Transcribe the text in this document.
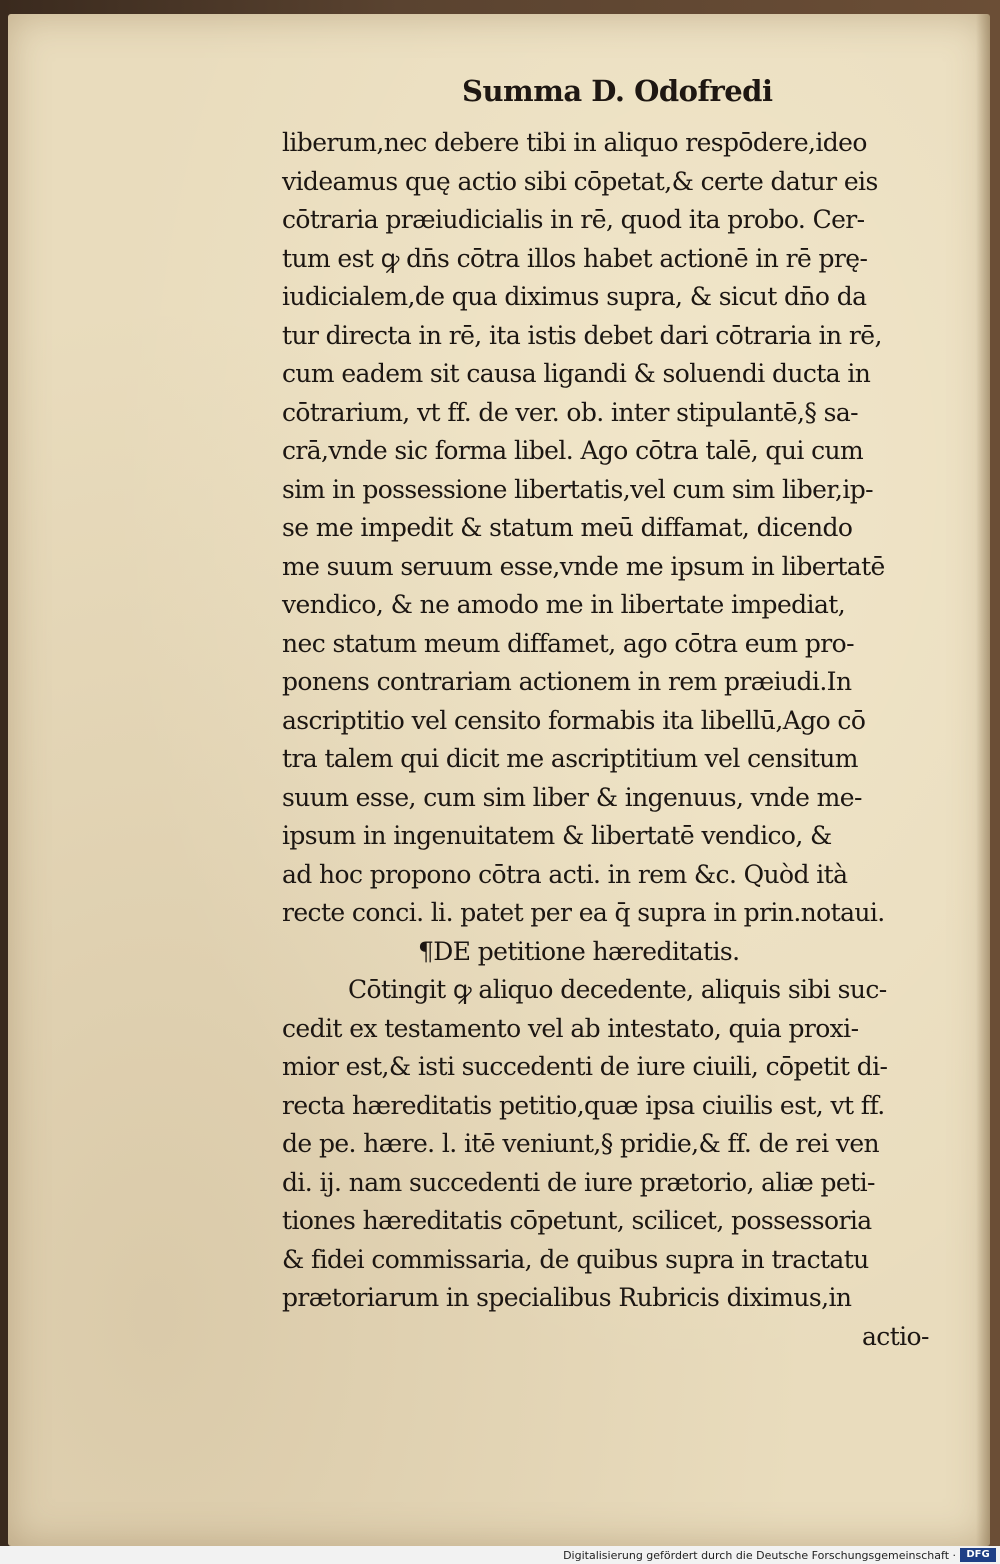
Summa D. Odofredi
liberum,nec debere tibi in aliquo respōdere,ideo
videamus quę actio sibi cōpetat,& certe datur eis
cōtraria præiudicialis in rē, quod ita probo. Cer-
tum est ꝙ dn̄s cōtra illos habet actionē in rē prę-
iudicialem,de qua diximus supra, & sicut dn̄o da
tur directa in rē, ita istis debet dari cōtraria in rē,
cum eadem sit causa ligandi & soluendi ducta in
cōtrarium, vt ff. de ver. ob. inter stipulantē,§ sa-
crā,vnde sic forma libel. Ago cōtra talē, qui cum
sim in possessione libertatis,vel cum sim liber,ip-
se me impedit & statum meū diffamat, dicendo
me suum seruum esse,vnde me ipsum in libertatē
vendico, & ne amodo me in libertate impediat,
nec statum meum diffamet, ago cōtra eum pro-
ponens contrariam actionem in rem præiudi.In
ascriptitio vel censito formabis ita libellū,Ago cō
tra talem qui dicit me ascriptitium vel censitum
suum esse, cum sim liber & ingenuus, vnde me-
ipsum in ingenuitatem & libertatē vendico, &
ad hoc propono cōtra acti. in rem &c. Quòd ità
recte conci. li. patet per ea q̄ supra in prin.notaui.
¶DE petitione hæreditatis.
Cōtingit ꝙ aliquo decedente, aliquis sibi suc-
cedit ex testamento vel ab intestato, quia proxi-
mior est,& isti succedenti de iure ciuili, cōpetit di-
recta hæreditatis petitio,quæ ipsa ciuilis est, vt ff.
de pe. hære. l. itē veniunt,§ pridie,& ff. de rei ven
di. ij. nam succedenti de iure prætorio, aliæ peti-
tiones hæreditatis cōpetunt, scilicet, possessoria
& fidei commissaria, de quibus supra in tractatu
prætoriarum in specialibus Rubricis diximus,in
actio-

Digitalisierung gefördert durch die Deutsche Forschungsgemeinschaft ·	DFG
